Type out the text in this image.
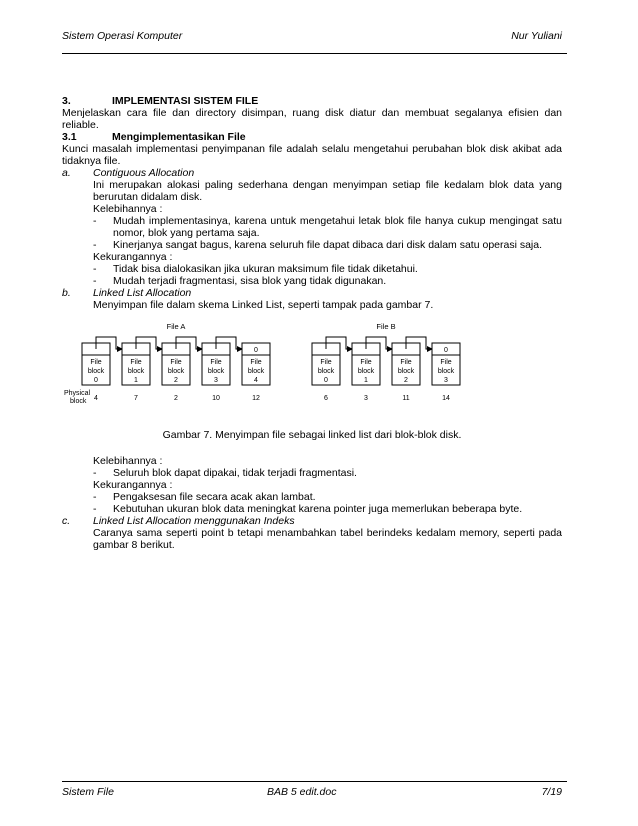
Sistem Operasi Komputer	Nur Yuliani
3.	IMPLEMENTASI SISTEM FILE

Menjelaskan cara file dan directory disimpan, ruang disk diatur dan membuat segalanya efisien dan reliable.

3.1	Mengimplementasikan File

Kunci masalah implementasi penyimpanan file adalah selalu mengetahui perubahan blok disk akibat ada tidaknya file.

a.	Contiguous Allocation

Ini merupakan alokasi paling sederhana dengan menyimpan setiap file kedalam blok data yang berurutan didalam disk.

Kelebihannya :

-	Mudah implementasinya, karena untuk mengetahui letak blok file hanya cukup mengingat satu nomor, blok yang pertama saja.
-	Kinerjanya sangat bagus, karena seluruh file dapat dibaca dari disk dalam satu operasi saja.

Kekurangannya :

-	Tidak bisa dialokasikan jika ukuran maksimum file tidak diketahui.
-	Mudah terjadi fragmentasi, sisa blok yang tidak digunakan.
b.	Linked List Allocation

Menyimpan file dalam skema Linked List, seperti tampak pada gambar 7.

File A
File
block
0
4
File
block
1
7
File
block
2
2
File
block
3
10
0
File
block
4
12
File B
File
block
0
6
File
block
1
3
File
block
2
11
0
File
block
3
14
Physical
block

Gambar 7. Menyimpan file sebagai linked list dari blok-blok disk.

Kelebihannya :

-	Seluruh blok dapat dipakai, tidak terjadi fragmentasi.

Kekurangannya :

-	Pengaksesan file secara acak akan lambat.
-	Kebutuhan ukuran blok data meningkat karena pointer juga memerlukan beberapa byte.
c.	Linked List Allocation menggunakan Indeks

Caranya sama seperti point b tetapi menambahkan tabel berindeks kedalam memory, seperti pada gambar 8 berikut.

Sistem File	BAB 5 edit.doc	7/19
